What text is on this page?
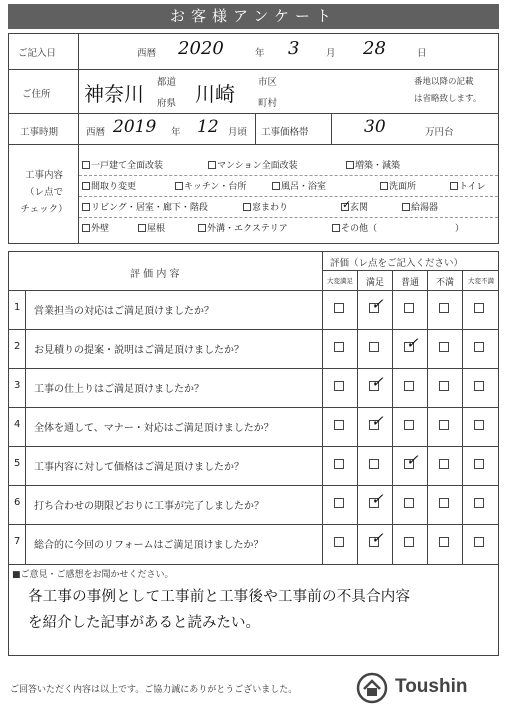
お客様アンケート
ご記入日	西暦 2020	年 3	月 28	日
ご住所 神奈川 都道
府県 川崎 市区
町村
番地以降の記載
は省略致します。
工事時期	西暦 2019 年 12 月頃 工事価格帯	30	万円台
工事内容
（レ点で
チェック）
一戸建て全面改装	マンション全面改装	増築・減築
間取り変更	キッチン・台所	風呂・浴室	洗面所	トイレ
リビング・居室・廊下・階段	窓まわり
✓	玄関	給湯器
外壁	屋根	外溝・エクステリア	その他（	）
評 価 内 容
評価（レ点をご記入ください）
大変満足	満足	普通	不満	大変不満
1 営業担当の対応はご満足頂けましたか？
✓
2 お見積りの提案・説明はご満足頂けましたか？
✓
3 工事の仕上りはご満足頂けましたか？
✓
4 全体を通して、マナー・対応はご満足頂けましたか？
✓
5 工事内容に対して価格はご満足頂けましたか？
✓
6 打ち合わせの期限どおりに工事が完了しましたか？
✓
7 総合的に今回のリフォームはご満足頂けましたか？
✓
■ご意見・ご感想をお聞かせください。
各工事の事例として工事前と工事後や工事前の不具合内容
を紹介した記事があると読みたい。
ご回答いただく内容は以上です。ご協力誠にありがとうございました。	Toushin
